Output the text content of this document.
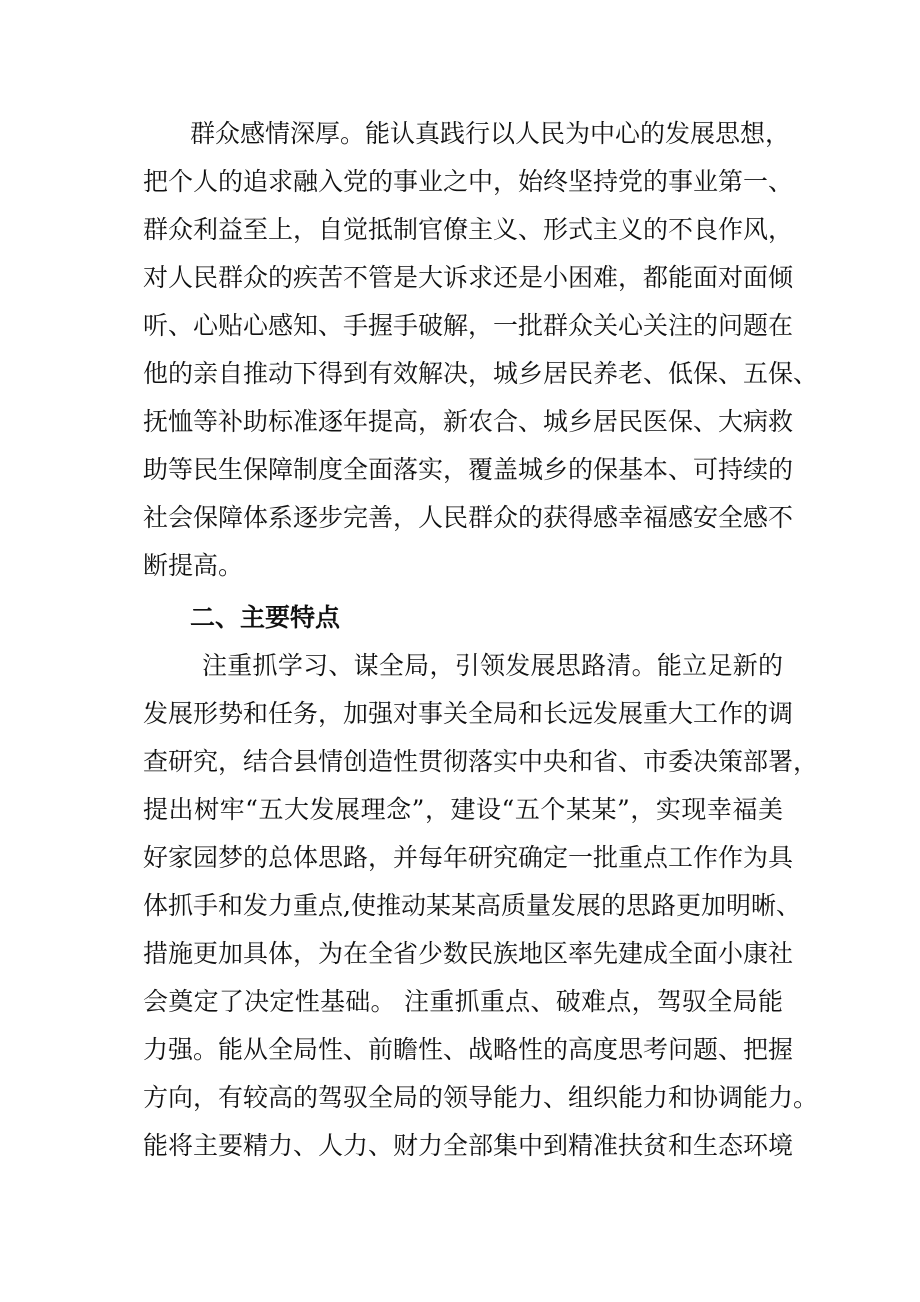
群众感情深厚。能认真践行以人民为中心的发展思想，
把个人的追求融入党的事业之中，始终坚持党的事业第一、
群众利益至上，自觉抵制官僚主义、形式主义的不良作风，
对人民群众的疾苦不管是大诉求还是小困难，都能面对面倾
听、心贴心感知、手握手破解，一批群众关心关注的问题在
他的亲自推动下得到有效解决，城乡居民养老、低保、五保、
抚恤等补助标准逐年提高，新农合、城乡居民医保、大病救
助等民生保障制度全面落实，覆盖城乡的保基本、可持续的
社会保障体系逐步完善，人民群众的获得感幸福感安全感不
断提高。
二、主要特点
注重抓学习、谋全局，引领发展思路清。能立足新的
发展形势和任务，加强对事关全局和长远发展重大工作的调
查研究，结合县情创造性贯彻落实中央和省、市委决策部署，
提出树牢“五大发展理念”，建设“五个某某”，实现幸福美
好家园梦的总体思路，并每年研究确定一批重点工作作为具
体抓手和发力重点,使推动某某高质量发展的思路更加明晰、
措施更加具体，为在全省少数民族地区率先建成全面小康社
会奠定了决定性基础。 注重抓重点、破难点，驾驭全局能
力强。能从全局性、前瞻性、战略性的高度思考问题、把握
方向，有较高的驾驭全局的领导能力、组织能力和协调能力。
能将主要精力、人力、财力全部集中到精准扶贫和生态环境
